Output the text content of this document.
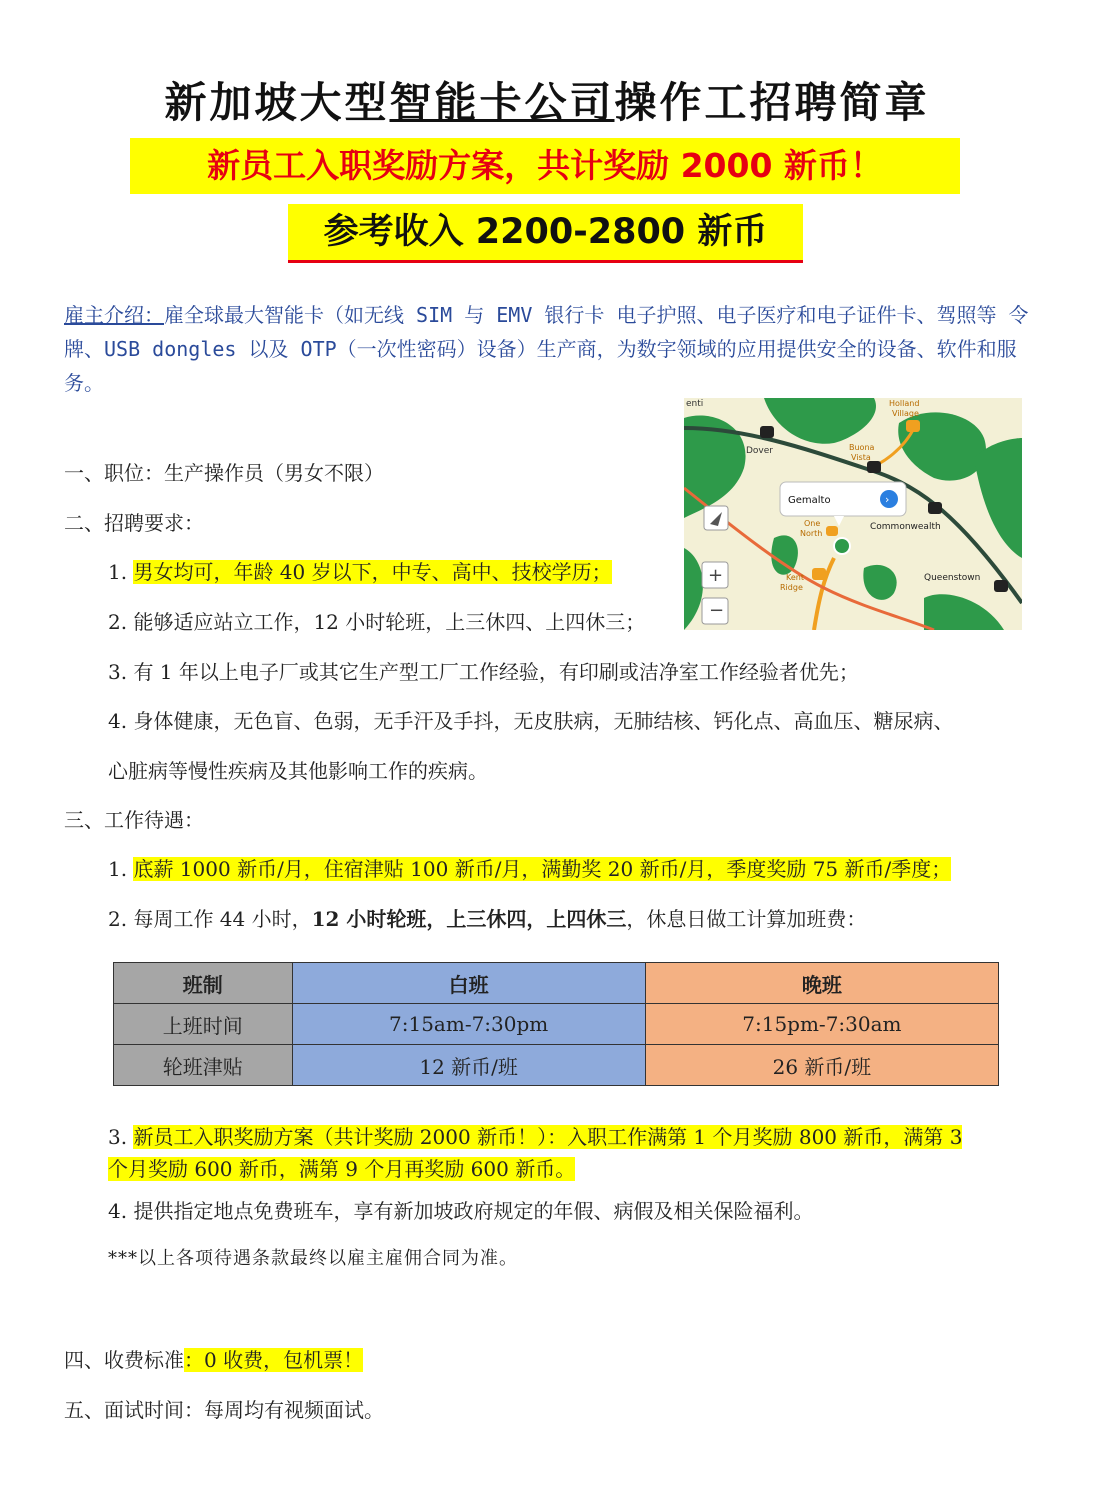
新加坡大型智能卡公司操作工招聘简章
新员工入职奖励方案，共计奖励 2000 新币！
参考收入 2200-2800 新币
雇主介绍：雇全球最大智能卡（如无线 SIM 与 EMV 银行卡 电子护照、电子医疗和电子证件卡、驾照等 令牌、USB dongles 以及 OTP（一次性密码）设备）生产商，为数字领域的应用提供安全的设备、软件和服务。
enti	Holland
Village
Dover	Buona
Vista
Commonwealth
One
North
Kent
Ridge
Queenstown
Gemalto	›
+
−
一、职位：生产操作员（男女不限）
二、招聘要求：
1. 男女均可，年龄 40 岁以下，中专、高中、技校学历；
2. 能够适应站立工作，12 小时轮班，上三休四、上四休三；
3. 有 1 年以上电子厂或其它生产型工厂工作经验，有印刷或洁净室工作经验者优先；
4. 身体健康，无色盲、色弱，无手汗及手抖，无皮肤病，无肺结核、钙化点、高血压、糖尿病、
心脏病等慢性疾病及其他影响工作的疾病。
三、工作待遇：
1. 底薪 1000 新币/月，住宿津贴 100 新币/月，满勤奖 20 新币/月，季度奖励 75 新币/季度；
2. 每周工作 44 小时，12 小时轮班，上三休四，上四休三，休息日做工计算加班费：
班制	白班	晚班
上班时间	7:15am-7:30pm	7:15pm-7:30am
轮班津贴	12 新币/班	26 新币/班
3. 新员工入职奖励方案（共计奖励 2000 新币！）：入职工作满第 1 个月奖励 800 新币，满第 3
个月奖励 600 新币，满第 9 个月再奖励 600 新币。
4. 提供指定地点免费班车，享有新加坡政府规定的年假、病假及相关保险福利。
***以上各项待遇条款最终以雇主雇佣合同为准。
四、收费标准：0 收费，包机票！
五、面试时间：每周均有视频面试。
